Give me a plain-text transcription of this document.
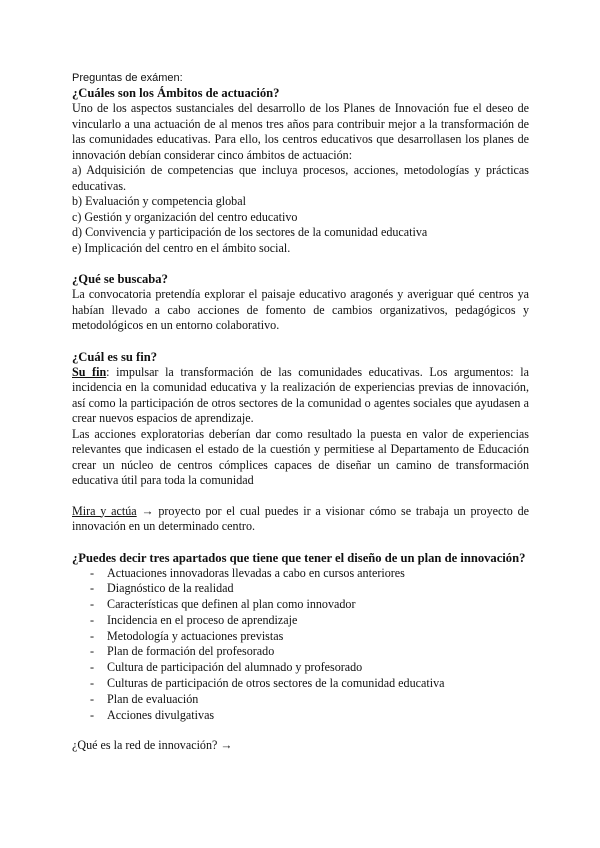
Preguntas de exámen:
¿Cuáles son los Ámbitos de actuación?

Uno de los aspectos sustanciales del desarrollo de los Planes de Innovación fue el deseo de vincularlo a una actuación de al menos tres años para contribuir mejor a la transformación de las comunidades educativas. Para ello, los centros educativos que desarrollasen los planes de innovación debían considerar cinco ámbitos de actuación:

a) Adquisición de competencias que incluya procesos, acciones, metodologías y prácticas educativas.

b) Evaluación y competencia global

c) Gestión y organización del centro educativo

d) Convivencia y participación de los sectores de la comunidad educativa

e) Implicación del centro en el ámbito social.

¿Qué se buscaba?

La convocatoria pretendía explorar el paisaje educativo aragonés y averiguar qué centros ya habían llevado a cabo acciones de fomento de cambios organizativos, pedagógicos y metodológicos en un entorno colaborativo.

¿Cuál es su fin?

Su fin: impulsar la transformación de las comunidades educativas. Los argumentos: la incidencia en la comunidad educativa y la realización de experiencias previas de innovación, así como la participación de otros sectores de la comunidad o agentes sociales que ayudasen a crear nuevos espacios de aprendizaje.

Las acciones exploratorias deberían dar como resultado la puesta en valor de experiencias relevantes que indicasen el estado de la cuestión y permitiese al Departamento de Educación crear un núcleo de centros cómplices capaces de diseñar un camino de transformación educativa útil para toda la comunidad

Mira y actúa → proyecto por el cual puedes ir a visionar cómo se trabaja un proyecto de innovación en un determinado centro.

¿Puedes decir tres apartados que tiene que tener el diseño de un plan de innovación?
- Actuaciones innovadoras llevadas a cabo en cursos anteriores
- Diagnóstico de la realidad
- Características que definen al plan como innovador
- Incidencia en el proceso de aprendizaje
- Metodología y actuaciones previstas
- Plan de formación del profesorado
- Cultura de participación del alumnado y profesorado
- Culturas de participación de otros sectores de la comunidad educativa
- Plan de evaluación
- Acciones divulgativas

¿Qué es la red de innovación? →
